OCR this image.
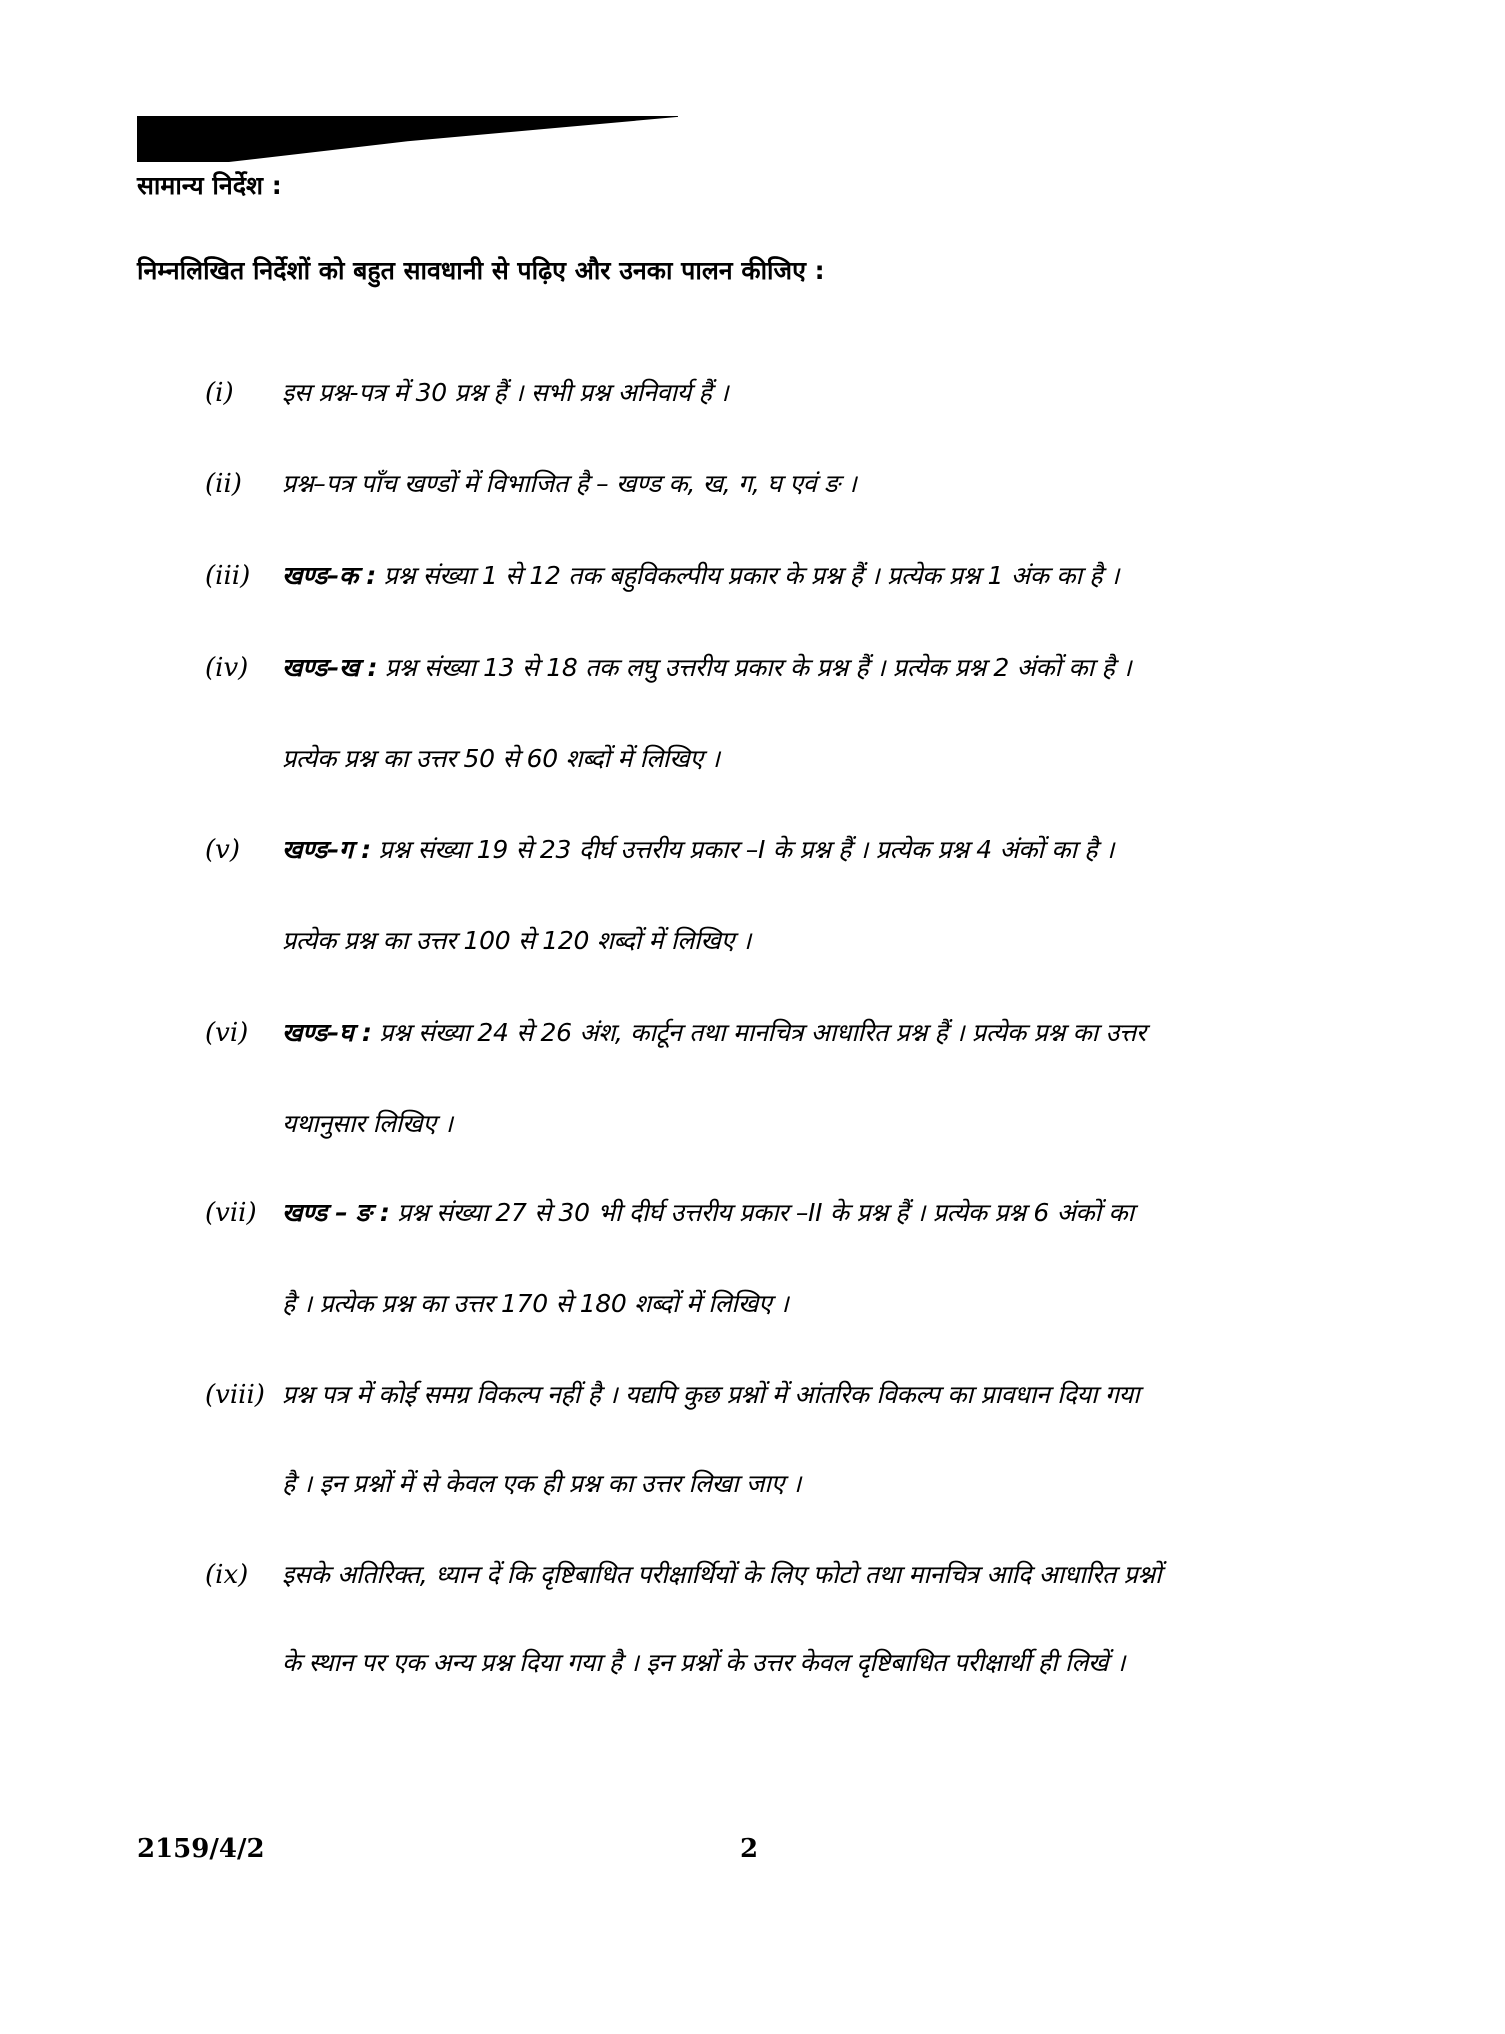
सामान्य निर्देश :
निम्नलिखित निर्देशों को बहुत सावधानी से पढ़िए और उनका पालन कीजिए :
(i) इस प्रश्न-पत्र में 30 प्रश्न हैं । सभी प्रश्न अनिवार्य हैं ।
(ii) प्रश्न–पत्र पाँच खण्डों में विभाजित है – खण्ड क, ख, ग, घ एवं ङ ।
(iii) खण्ड–क : प्रश्न संख्या 1 से 12 तक बहुविकल्पीय प्रकार के प्रश्न हैं । प्रत्येक प्रश्न 1 अंक का है ।
(iv) खण्ड–ख : प्रश्न संख्या 13 से 18 तक लघु उत्तरीय प्रकार के प्रश्न हैं । प्रत्येक प्रश्न 2 अंकों का है ।
प्रत्येक प्रश्न का उत्तर 50 से 60 शब्दों में लिखिए ।
(v) खण्ड–ग : प्रश्न संख्या 19 से 23 दीर्घ उत्तरीय प्रकार –I के प्रश्न हैं । प्रत्येक प्रश्न 4 अंकों का है ।
प्रत्येक प्रश्न का उत्तर 100 से 120 शब्दों में लिखिए ।
(vi) खण्ड–घ : प्रश्न संख्या 24 से 26 अंश, कार्टून तथा मानचित्र आधारित प्रश्न हैं । प्रत्येक प्रश्न का उत्तर
यथानुसार लिखिए ।
(vii) खण्ड – ङ : प्रश्न संख्या 27 से 30 भी दीर्घ उत्तरीय प्रकार –II के प्रश्न हैं । प्रत्येक प्रश्न 6 अंकों का
है । प्रत्येक प्रश्न का उत्तर 170 से 180 शब्दों में लिखिए ।
(viii) प्रश्न पत्र में कोई समग्र विकल्प नहीं है । यद्यपि कुछ प्रश्नों में आंतरिक विकल्प का प्रावधान दिया गया
है । इन प्रश्नों में से केवल एक ही प्रश्न का उत्तर लिखा जाए ।
(ix) इसके अतिरिक्त, ध्यान दें कि दृष्टिबाधित परीक्षार्थियों के लिए फोटो तथा मानचित्र आदि आधारित प्रश्नों
के स्थान पर एक अन्य प्रश्न दिया गया है । इन प्रश्नों के उत्तर केवल दृष्टिबाधित परीक्षार्थी ही लिखें ।
2159/4/2	2
